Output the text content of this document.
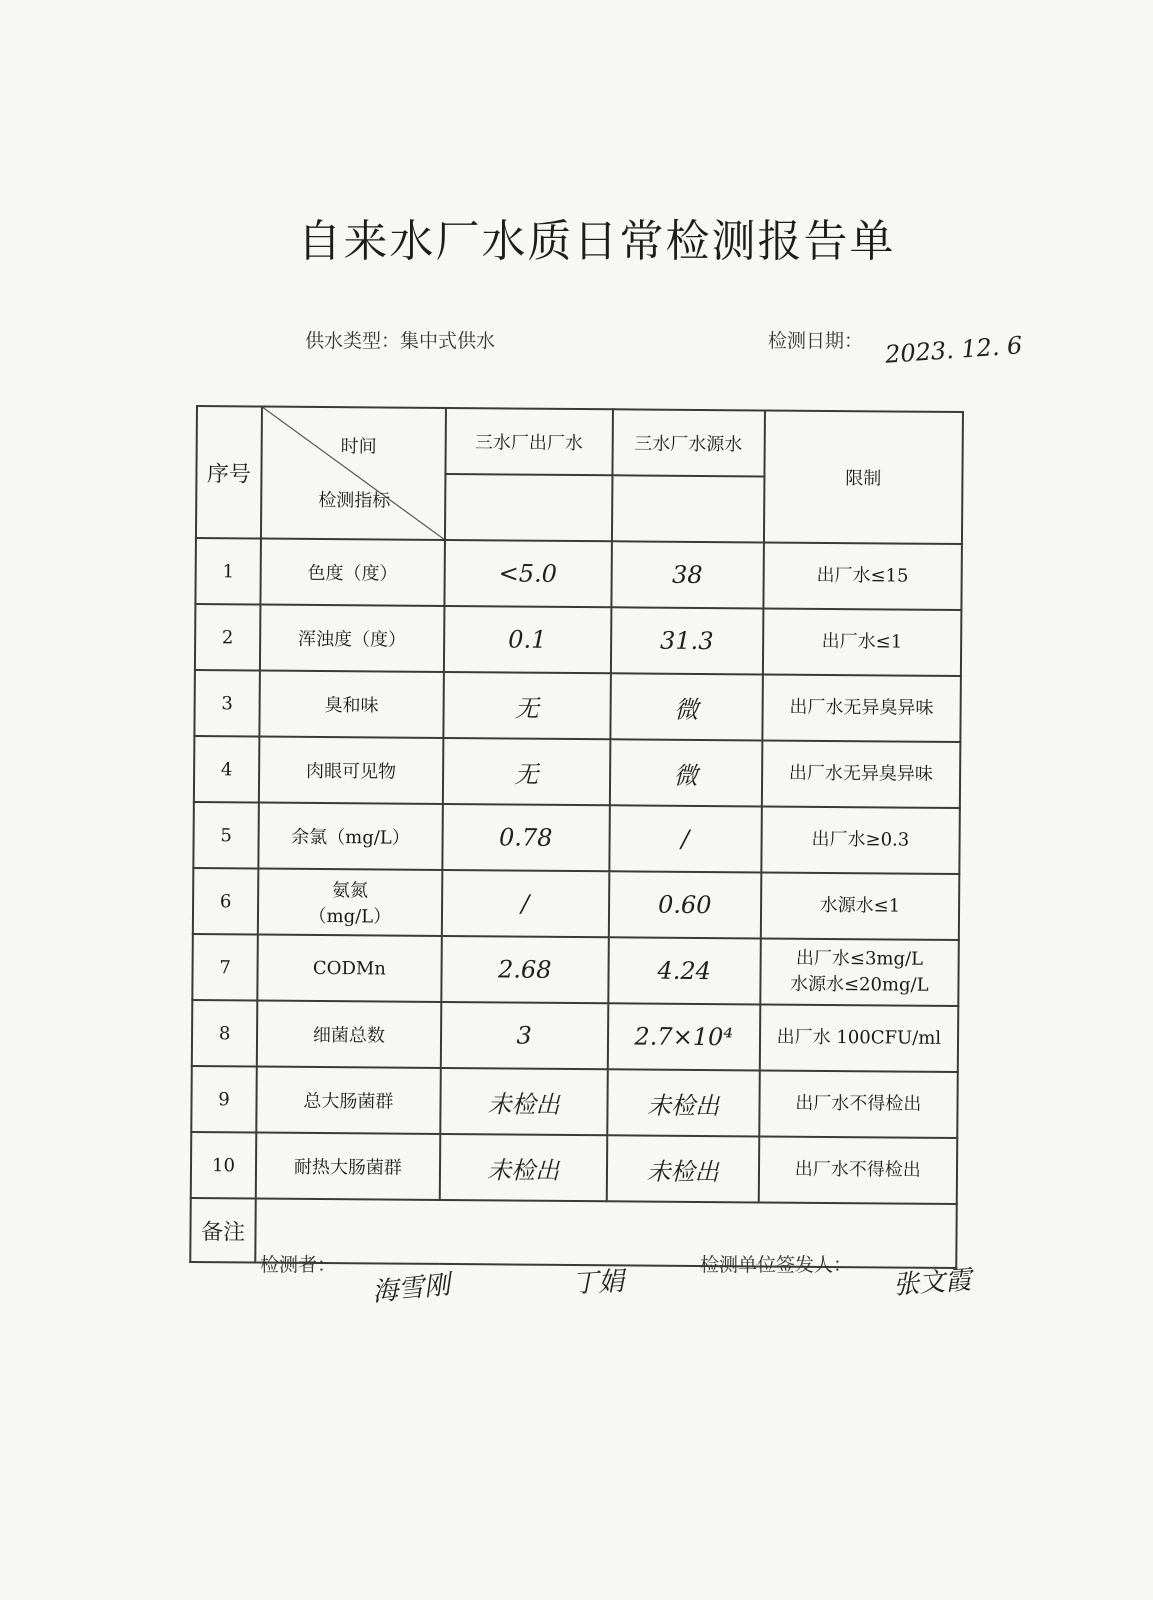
自来水厂水质日常检测报告单
供水类型：集中式供水	检测日期： 2023. 12. 6
序号	时间
检测指标	三水厂出厂水	三水厂水源水	限制

1	色度（度）	<5.0	38	出厂水≤15
2	浑浊度（度）	0.1	31.3	出厂水≤1
3	臭和味	无	微	出厂水无异臭异味
4	肉眼可见物	无	微	出厂水无异臭异味
5	余氯（mg/L）	0.78	/	出厂水≥0.3
6	氨氮
（mg/L）	/	0.60	水源水≤1
7	CODMn	2.68	4.24	出厂水≤3mg/L
水源水≤20mg/L

8	细菌总数	3	2.7×10⁴	出厂水 100CFU/ml
9	总大肠菌群	未检出	未检出	出厂水不得检出
10	耐热大肠菌群	未检出	未检出	出厂水不得检出
备注				
检测者：
海雪刚	丁娟
检测单位签发人：
张文霞
